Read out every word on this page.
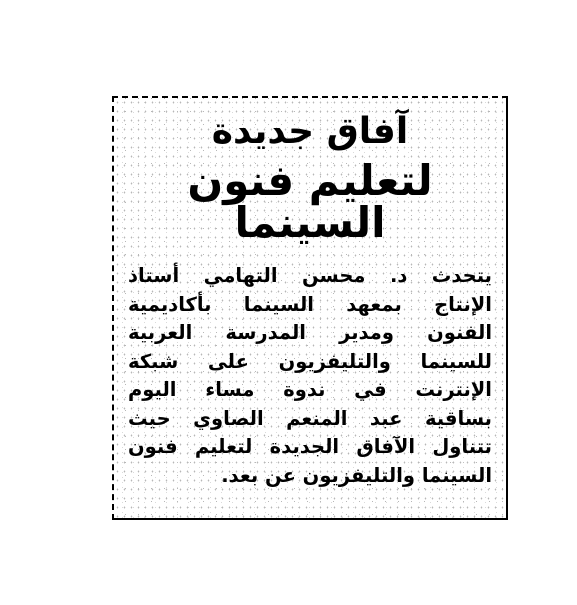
آفاق جديدة
لتعليم فنون السينما
يتحدث د. محسن التهامي أستاذ
الإنتاج بمعهد السينما بأكاديمية
الفنون ومدير المدرسة العربية
للسينما والتليفزيون على شبكة
الإنترنت في ندوة مساء اليوم
بساقية عبد المنعم الصاوي حيث
تتناول الآفاق الجديدة لتعليم فنون
السينما والتليفزيون عن بعد.
